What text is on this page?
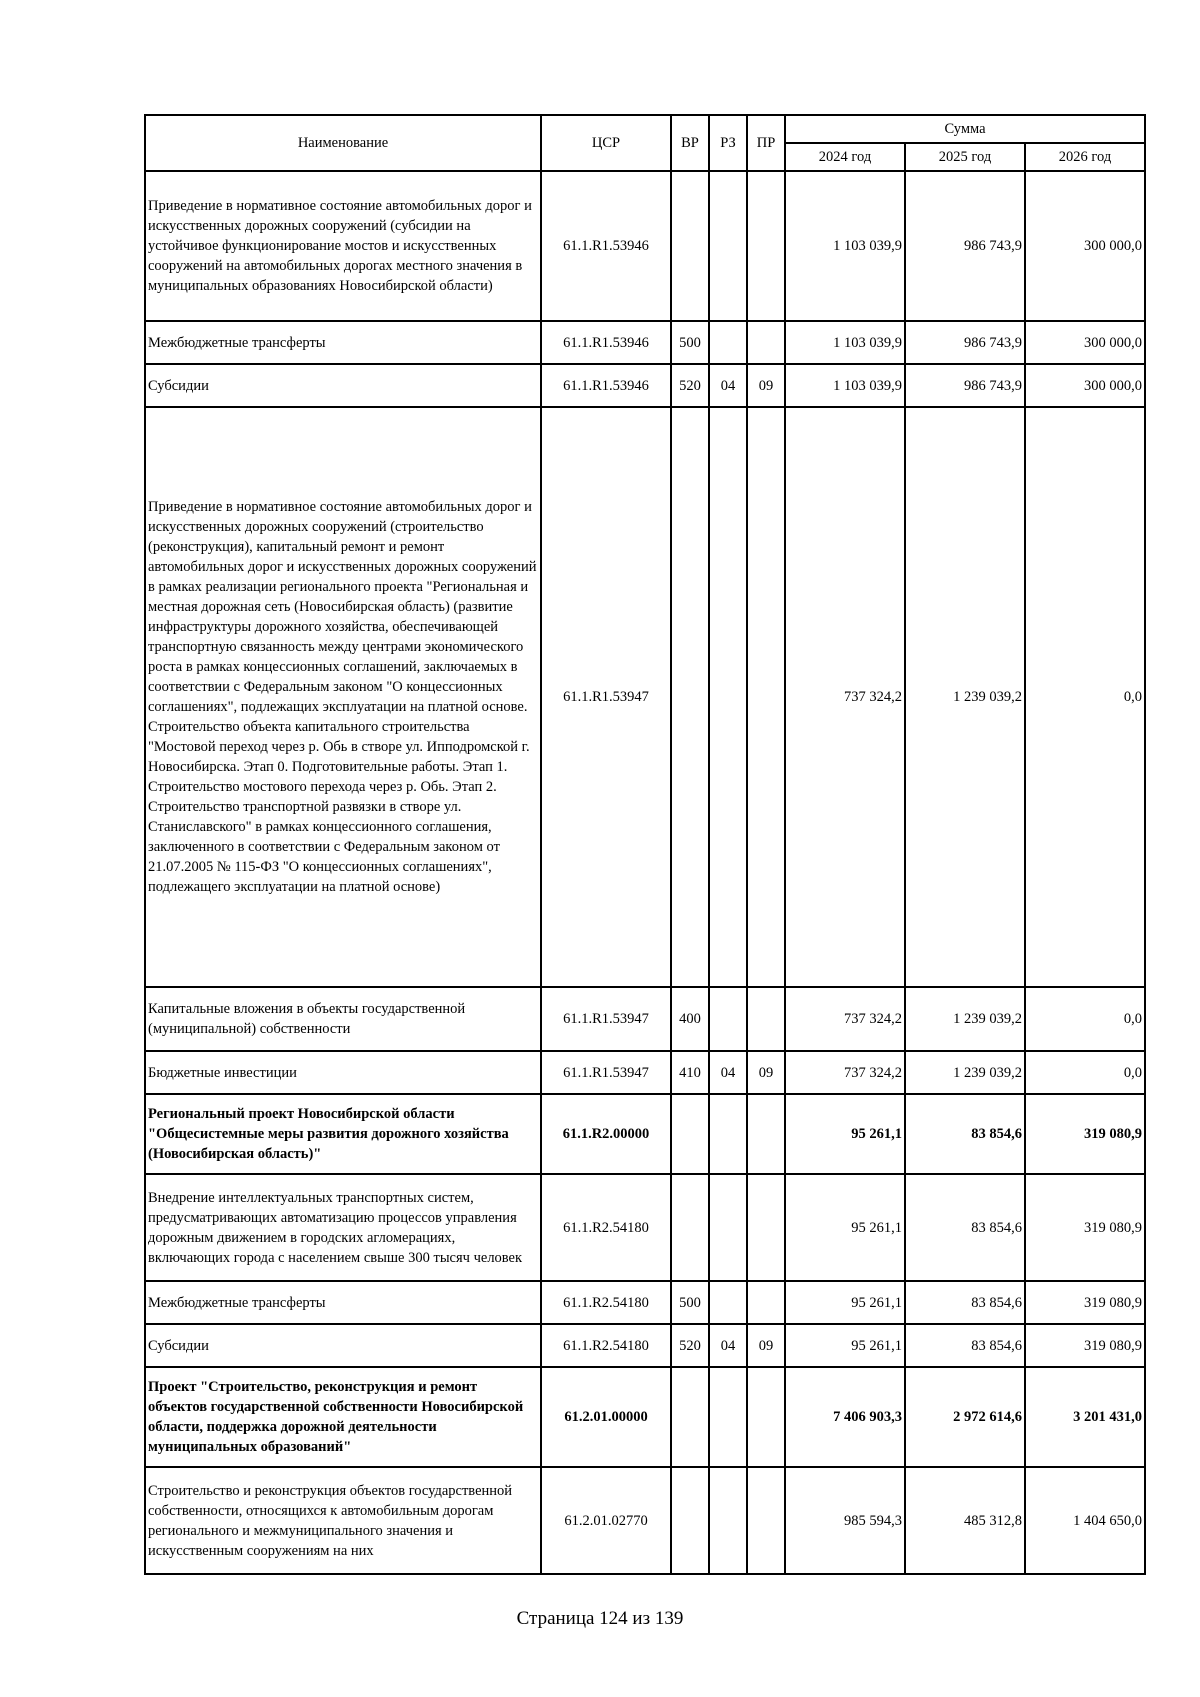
Наименование	ЦСР	ВР	РЗ	ПР	Сумма		
					2024 год	2025 год	2026 год
Приведение в нормативное состояние автомобильных дорог и искусственных дорожных сооружений (субсидии на устойчивое функционирование мостов и искусственных сооружений на автомобильных дорогах местного значения в муниципальных образованиях Новосибирской области)	61.1.R1.53946				1 103 039,9	986 743,9	300 000,0
Межбюджетные трансферты	61.1.R1.53946	500			1 103 039,9	986 743,9	300 000,0
Субсидии	61.1.R1.53946	520	04	09	1 103 039,9	986 743,9	300 000,0
Приведение в нормативное состояние автомобильных дорог и искусственных дорожных сооружений (строительство (реконструкция), капитальный ремонт и ремонт автомобильных дорог и искусственных дорожных сооружений в рамках реализации регионального проекта "Региональная и местная дорожная сеть (Новосибирская область) (развитие инфраструктуры дорожного хозяйства, обеспечивающей транспортную связанность между центрами экономического роста в рамках концессионных соглашений, заключаемых в соответствии с Федеральным законом "О концессионных соглашениях", подлежащих эксплуатации на платной основе. Строительство объекта капитального строительства "Мостовой переход через р. Обь в створе ул. Ипподромской г. Новосибирска. Этап 0. Подготовительные работы. Этап 1. Строительство мостового перехода через р. Обь. Этап 2. Строительство транспортной развязки в створе ул. Станиславского" в рамках концессионного соглашения, заключенного в соответствии с Федеральным законом от 21.07.2005 № 115-ФЗ "О концессионных соглашениях", подлежащего эксплуатации на платной основе)	61.1.R1.53947				737 324,2	1 239 039,2	0,0
Капитальные вложения в объекты государственной (муниципальной) собственности	61.1.R1.53947	400			737 324,2	1 239 039,2	0,0
Бюджетные инвестиции	61.1.R1.53947	410	04	09	737 324,2	1 239 039,2	0,0
Региональный проект Новосибирской области "Общесистемные меры развития дорожного хозяйства (Новосибирская область)"	61.1.R2.00000				95 261,1	83 854,6	319 080,9
Внедрение интеллектуальных транспортных систем, предусматривающих автоматизацию процессов управления дорожным движением в городских агломерациях, включающих города с населением свыше 300 тысяч человек	61.1.R2.54180				95 261,1	83 854,6	319 080,9
Межбюджетные трансферты	61.1.R2.54180	500			95 261,1	83 854,6	319 080,9
Субсидии	61.1.R2.54180	520	04	09	95 261,1	83 854,6	319 080,9
Проект "Строительство, реконструкция и ремонт объектов государственной собственности Новосибирской области, поддержка дорожной деятельности муниципальных образований"	61.2.01.00000				7 406 903,3	2 972 614,6	3 201 431,0
Строительство и реконструкция объектов государственной собственности, относящихся к автомобильным дорогам регионального и межмуниципального значения и искусственным сооружениям на них	61.2.01.02770				985 594,3	485 312,8	1 404 650,0
Страница 124 из 139
